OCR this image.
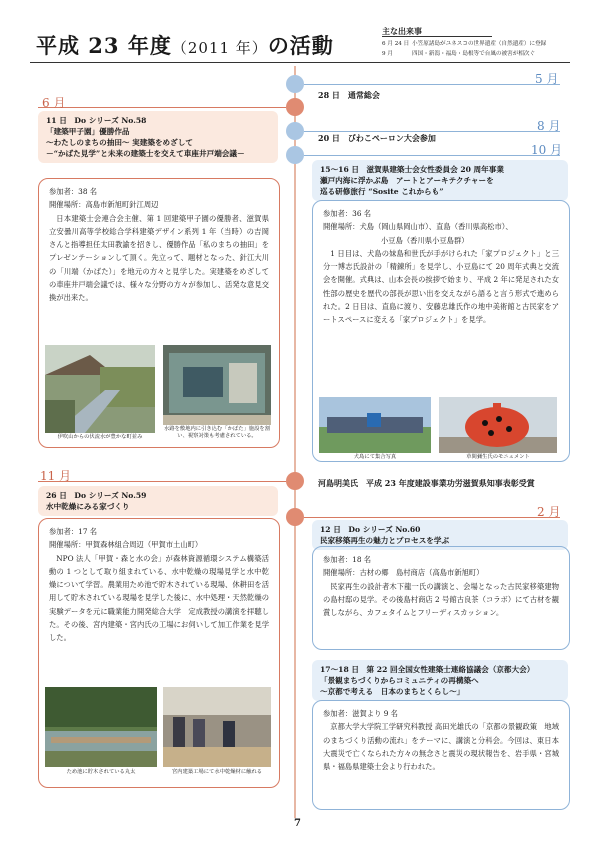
平成 23 年度（2011 年）の活動
主な出来事
6 月 24 日 小笠原諸島がユネスコの世界遺産（自然遺産）に登録
9 月	四国・新潟・福島・島根等で台風の被害が相次ぐ
5 月
28 日　通常総会
6 月
8 月
20 日　びわこペーロン大会参加
10 月
11 日　Do シリーズ No.58
「建築甲子園」優勝作品
～わたしのまちの抽田～ 実建築をめざして
－“かばた見学”と未来の建築士を交えて車座井戸端会議－

参加者：38 名

開催場所：高島市新旭町針江周辺

日本建築士会連合会主催、第 1 回建築甲子園の優勝者、滋賀県立安曇川高等学校総合学科建築デザイン系列 1 年（当時）の吉岡さんと指導担任太田教諭を招きし、優勝作品「私のまちの抽田」をプレゼンテーションして頂く。先立って、題材となった、針江大川の「川端（かばた）」を地元の方々と見学した。実建築をめざしての車座井戸端会議では、様々な分野の方々が参加し、活発な意見交換が出来た。

伊吹山からの伏流水が豊かな町並み
水路を敷地内に引き込む「かばた」施設を割い、視察対策も考慮されている。
11 月
26 日　Do シリーズ No.59
水中乾燥にみる家づくり

参加者：17 名

開催場所：甲賀森林組合周辺（甲賀市土山町）

NPO 法人「甲賀・森と水の会」が森林資源循環システム構築活動の 1 つとして取り組まれている、水中乾燥の現場見学と水中乾燥について学習。農業用ため池で貯木されている現場、休耕田を活用して貯木されている現場を見学した後に、水中処理・天然乾燥の実験データを元に職業能力開発総合大学　定成教授の講演を拝聴した。その後、宮内建築・宮内氏の工場にお伺いして加工作業を見学した。

ため池に貯木されている丸太	宮内建築工場にて水中乾燥材に触れる
15～16 日　滋賀県建築士会女性委員会 20 周年事業
瀬戸内海に浮かぶ島　アートとアーキテクチャーを
巡る研修旅行 “Sosite これからも”

参加者：36 名

開催場所：犬島（岡山県岡山市）、直島（香川県高松市）、

小豆島（香川県小豆島群）

1 日目は、犬島の妹島和世氏が手がけられた「家プロジェクト」と三分一博志氏設計の「精錬所」を見学し、小豆島にて 20 周年式典と交流会を開催。式典は、山本会長の挨拶で始まり、平成 2 年に発足された女性部の歴史を歴代の部長が思い出を交えながら語ると言う形式で進められた。2 日目は、直島に渡り、安藤忠雄氏作の地中美術館と古民家をアートスペースに変える「家プロジェクト」を見学。

犬島にて集合写真	草間彌生氏のモニュメント
河島明美氏　平成 23 年度建設事業功労滋賀県知事表彰受賞
2 月
12 日　Do シリーズ No.60
民家移築再生の魅力とプロセスを学ぶ

参加者：18 名

開催場所：古材の郷　島村商店（高島市新旭町）

民家再生の設計者木下龍一氏の講演と、会場となった古民家移築建物の島村邸の見学。その後島村商店 2 号館古良茶（コラボ）にて古材を観賞しながら、カフェタイムとフリーディスカッション。

17～18 日　第 22 回全国女性建築士連絡協議会（京都大会）
「景観まちづくりからコミュニティの再構築へ
～京都で考える　日本のまちとくらし～」

参加者：滋賀より 9 名

京都大学大学院工学研究科教授 高田光雄氏の「京都の景観政策　地域のまちづくり活動の流れ」をテーマに、講演と分科会。今回は、東日本大震災で亡くなられた方々の無念さと震災の現状報告を、岩手県・宮城県・福島県建築士会より行われた。

7
